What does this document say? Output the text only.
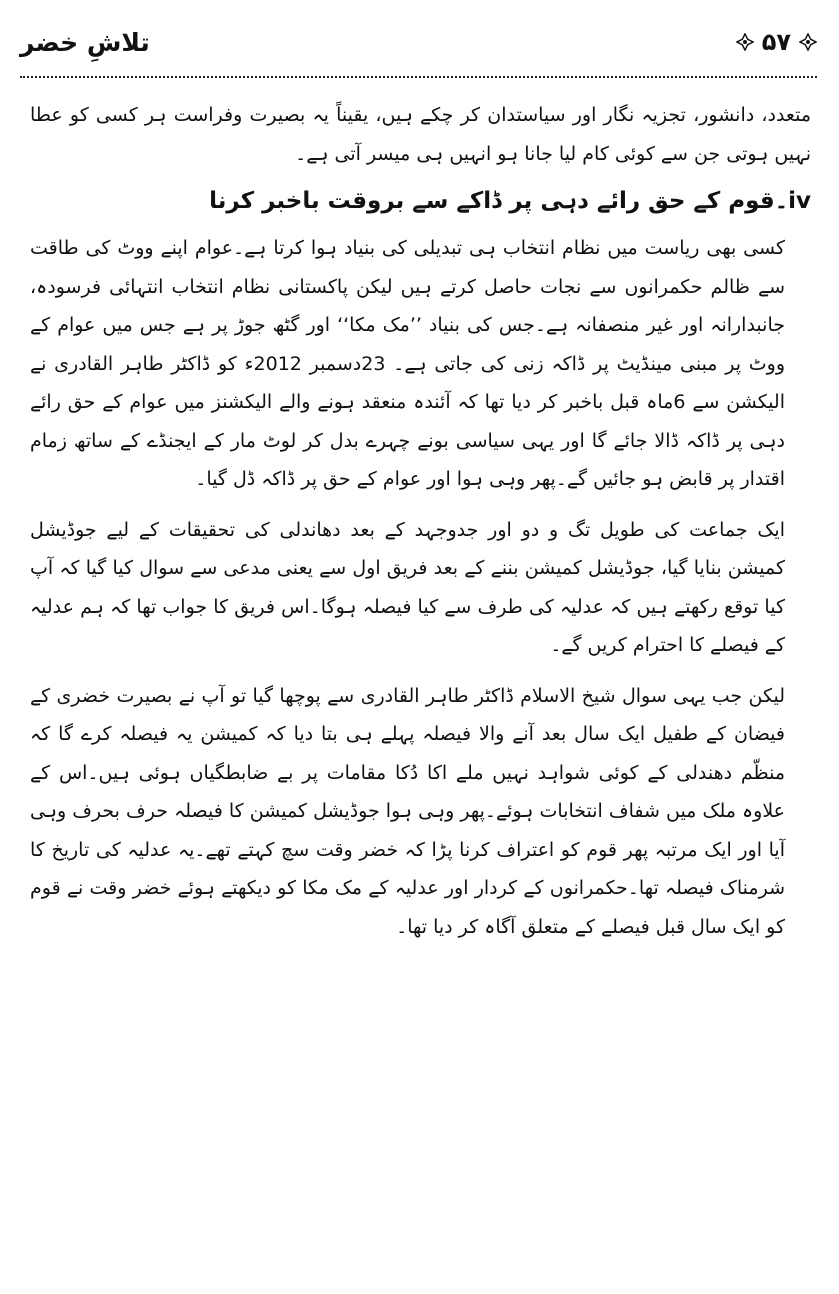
تلاشِ خضر	۵۷

متعدد، دانشور، تجزیہ نگار اور سیاستدان کر چکے ہیں، یقیناً یہ بصیرت وفراست ہر کسی کو عطا نہیں ہوتی جن سے کوئی کام لیا جانا ہو انہیں ہی میسر آتی ہے۔

iv۔قوم کے حق رائے دہی پر ڈاکے سے بروقت باخبر کرنا

کسی بھی ریاست میں نظام انتخاب ہی تبدیلی کی بنیاد ہوا کرتا ہے۔عوام اپنے ووٹ کی طاقت سے ظالم حکمرانوں سے نجات حاصل کرتے ہیں لیکن پاکستانی نظام انتخاب انتہائی فرسودہ، جانبدارانہ اور غیر منصفانہ ہے۔جس کی بنیاد ’’مک مکا‘‘ اور گٹھ جوڑ پر ہے جس میں عوام کے ووٹ پر مبنی مینڈیٹ پر ڈاکہ زنی کی جاتی ہے۔ 23دسمبر 2012ء کو ڈاکٹر طاہر القادری نے الیکشن سے 6ماہ قبل باخبر کر دیا تھا کہ آئندہ منعقد ہونے والے الیکشنز میں عوام کے حق رائے دہی پر ڈاکہ ڈالا جائے گا اور یہی سیاسی بونے چہرے بدل کر لوٹ مار کے ایجنڈے کے ساتھ زمام اقتدار پر قابض ہو جائیں گے۔پھر وہی ہوا اور عوام کے حق پر ڈاکہ ڈل گیا۔

ایک جماعت کی طویل تگ و دو اور جدوجہد کے بعد دھاندلی کی تحقیقات کے لیے جوڈیشل کمیشن بنایا گیا، جوڈیشل کمیشن بننے کے بعد فریق اول سے یعنی مدعی سے سوال کیا گیا کہ آپ کیا توقع رکھتے ہیں کہ عدلیہ کی طرف سے کیا فیصلہ ہوگا۔اس فریق کا جواب تھا کہ ہم عدلیہ کے فیصلے کا احترام کریں گے۔

لیکن جب یہی سوال شیخ الاسلام ڈاکٹر طاہر القادری سے پوچھا گیا تو آپ نے بصیرت خضری کے فیضان کے طفیل ایک سال بعد آنے والا فیصلہ پہلے ہی بتا دیا کہ کمیشن یہ فیصلہ کرے گا کہ منظّم دھندلی کے کوئی شواہد نہیں ملے اکا دُکا مقامات پر بے ضابطگیاں ہوئی ہیں۔اس کے علاوہ ملک میں شفاف انتخابات ہوئے۔پھر وہی ہوا جوڈیشل کمیشن کا فیصلہ حرف بحرف وہی آیا اور ایک مرتبہ پھر قوم کو اعتراف کرنا پڑا کہ خضر وقت سچ کہتے تھے۔یہ عدلیہ کی تاریخ کا شرمناک فیصلہ تھا۔حکمرانوں کے کردار اور عدلیہ کے مک مکا کو دیکھتے ہوئے خضر وقت نے قوم کو ایک سال قبل فیصلے کے متعلق آگاہ کر دیا تھا۔
